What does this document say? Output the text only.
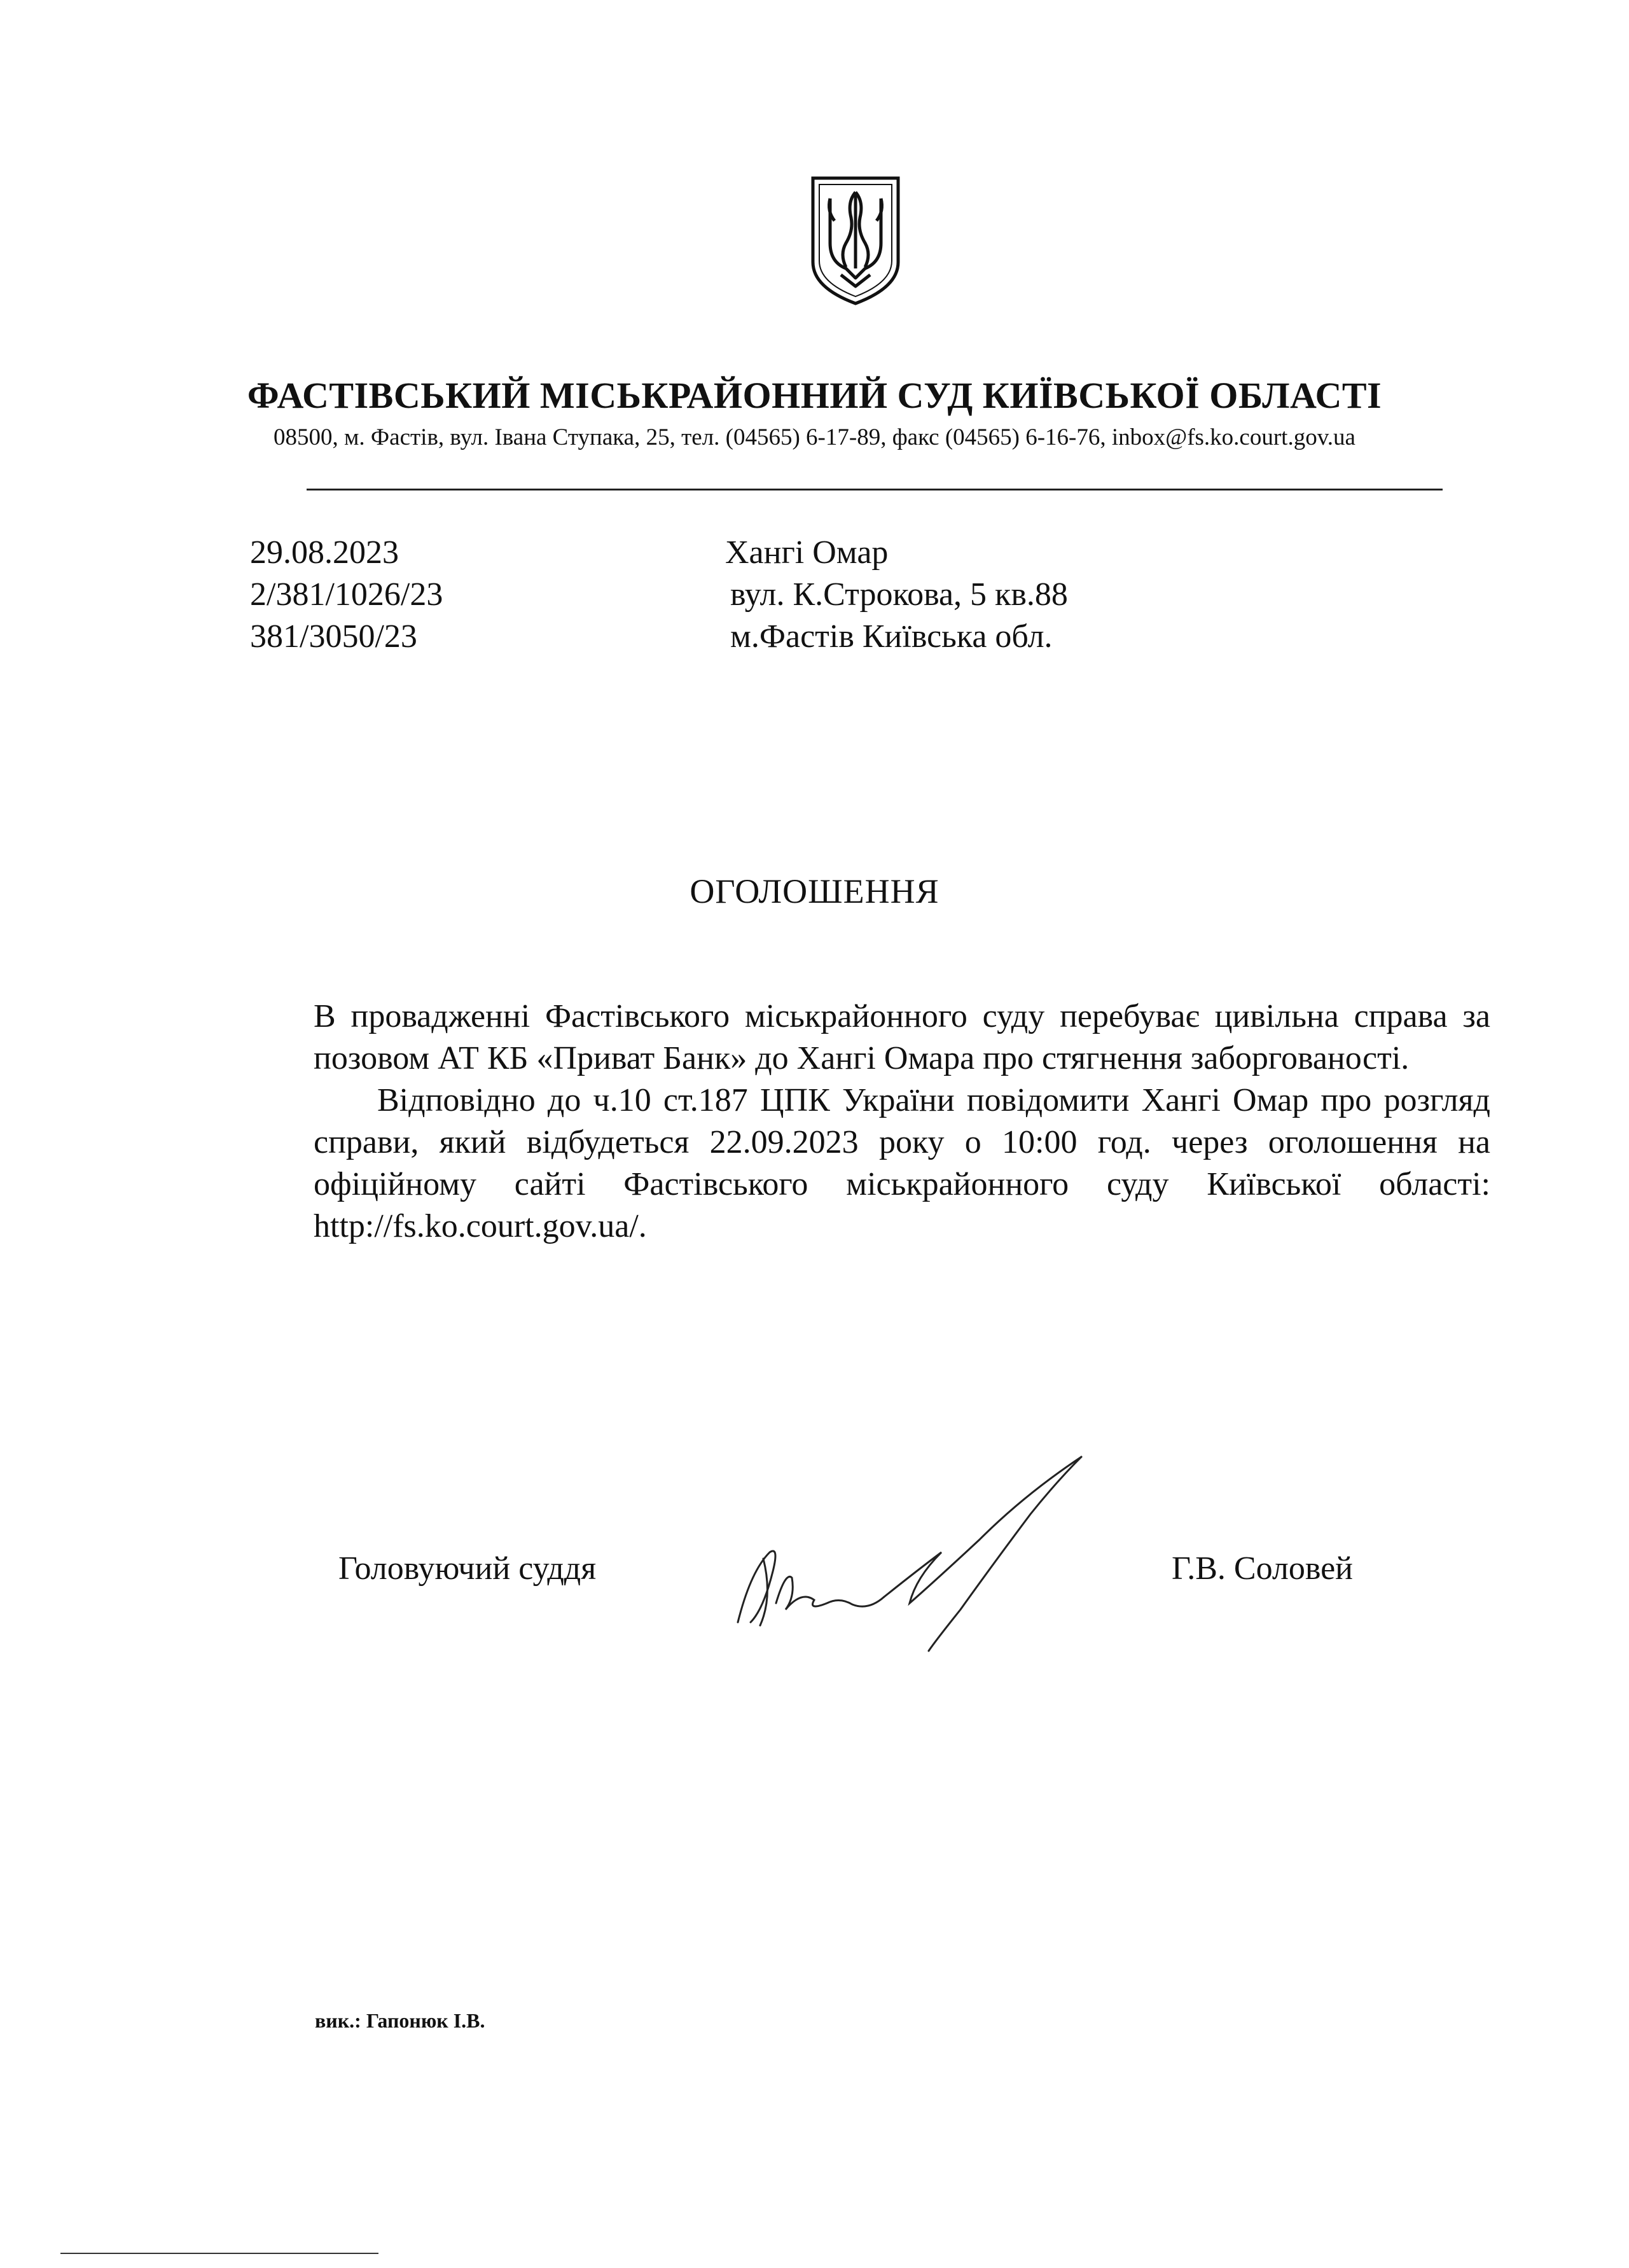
ФАСТІВСЬКИЙ МІСЬКРАЙОННИЙ СУД КИЇВСЬКОЇ ОБЛАСТІ
08500, м. Фастів, вул. Івана Ступака, 25, тел. (04565) 6-17-89, факс (04565) 6-16-76, inbox@fs.ko.court.gov.ua
29.08.2023
2/381/1026/23
381/3050/23
Хангі Омар
вул. К.Строкова, 5 кв.88
м.Фастів Київська обл.
ОГОЛОШЕННЯ

В провадженні Фастівського міськрайонного суду перебуває цивільна справа за позовом АТ КБ «Приват Банк» до Хангі Омара про стягнення заборгованості.

Відповідно до ч.10 ст.187 ЦПК України повідомити Хангі Омар про розгляд справи, який відбудеться 22.09.2023 року о 10:00 год. через оголошення на офіційному сайті Фастівського міськрайонного суду Київської області: http://fs.ko.court.gov.ua/.

Головуючий суддя	Г.В. Соловей
вик.: Гапонюк І.В.
